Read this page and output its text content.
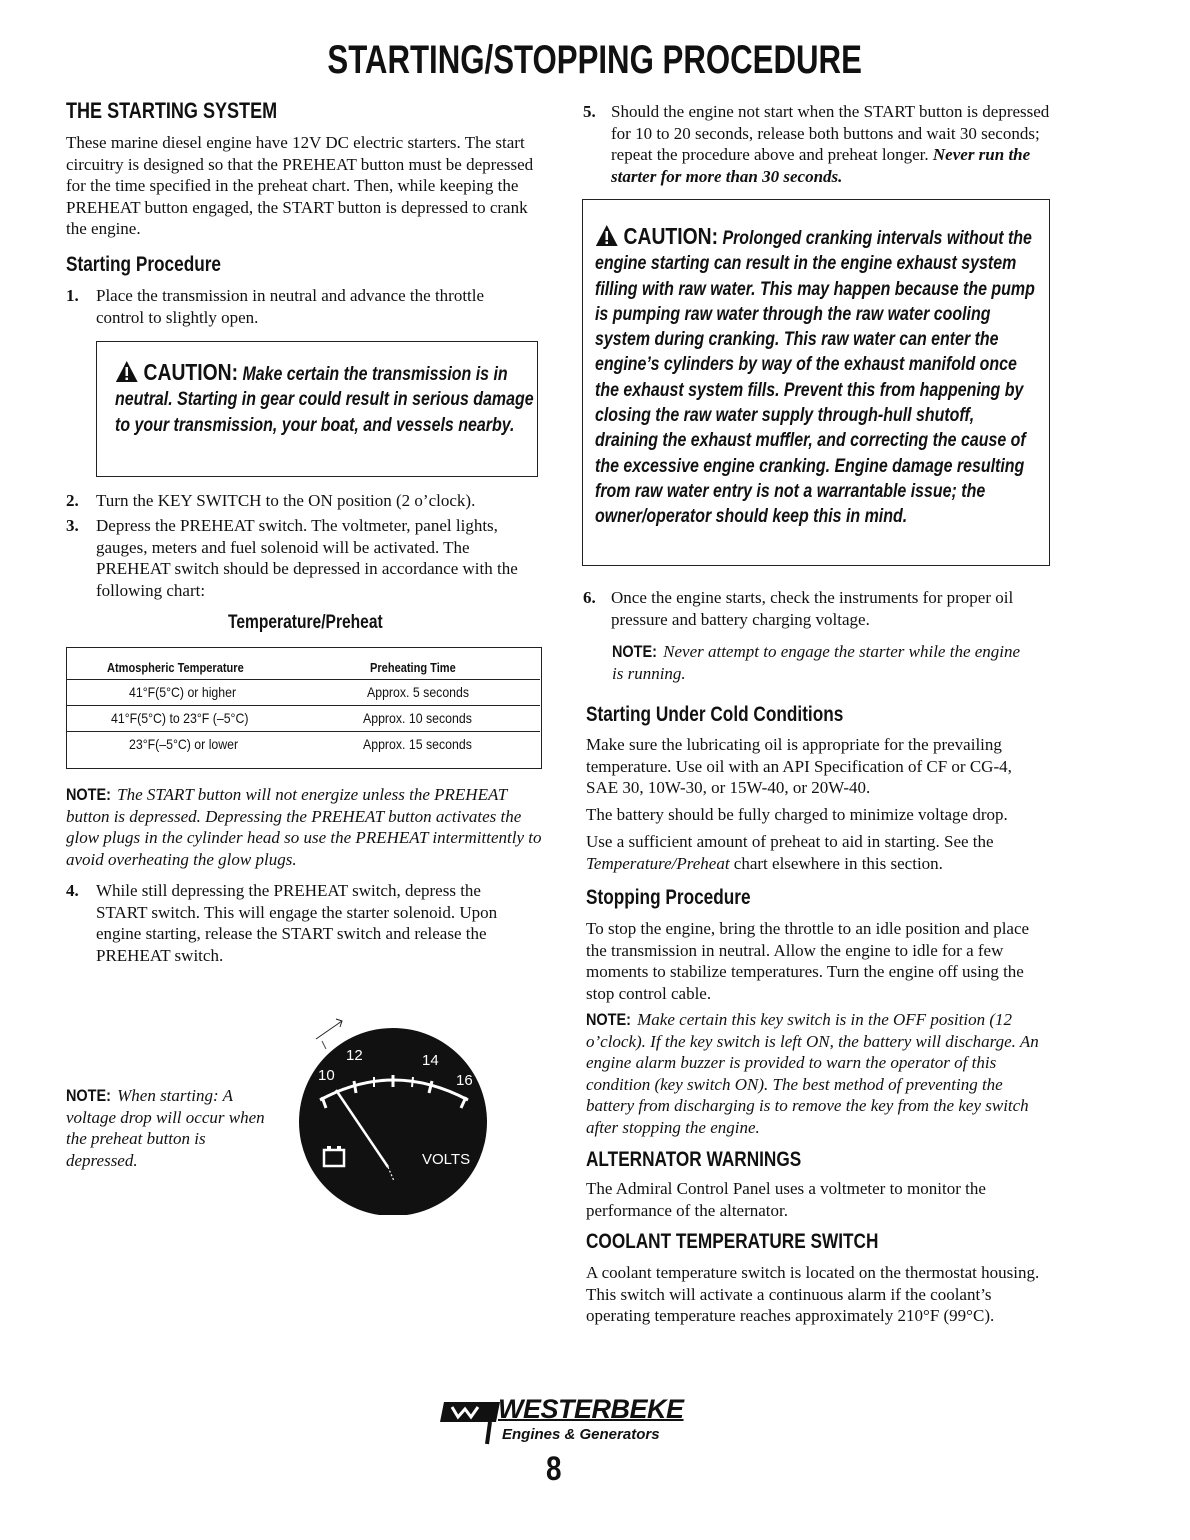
STARTING/STOPPING PROCEDURE
THE STARTING SYSTEM
These marine diesel engine have 12V DC electric starters. The start circuitry is designed so that the PREHEAT button must be depressed for the time specified in the preheat chart. Then, while keeping the PREHEAT button engaged, the START button is depressed to crank the engine.
Starting Procedure
1. Place the transmission in neutral and advance the throttle control to slightly open.
CAUTION: Make certain the transmission is in neutral. Starting in gear could result in serious damage to your transmission, your boat, and vessels nearby.
2. Turn the KEY SWITCH to the ON position (2 o’clock).
3. Depress the PREHEAT switch. The voltmeter, panel lights, gauges, meters and fuel solenoid will be activated. The PREHEAT switch should be depressed in accordance with the following chart:
Temperature/Preheat
Atmospheric Temperature	Preheating Time
41°F(5°C) or higher	Approx. 5 seconds
41°F(5°C) to 23°F (–5°C)	Approx. 10 seconds
23°F(–5°C) or lower	Approx. 15 seconds
NOTE: The START button will not energize unless the PREHEAT button is depressed. Depressing the PREHEAT button activates the glow plugs in the cylinder head so use the PREHEAT intermittently to avoid overheating the glow plugs.
4. While still depressing the PREHEAT switch, depress the START switch. This will engage the starter solenoid. Upon engine starting, release the START switch and release the PREHEAT switch.
NOTE: When starting: A voltage drop will occur when the preheat button is depressed.
12	14
10	16
VOLTS
5. Should the engine not start when the START button is depressed for 10 to 20 seconds, release both buttons and wait 30 seconds; repeat the procedure above and preheat longer. Never run the starter for more than 30 seconds.
CAUTION: Prolonged cranking intervals without the engine starting can result in the engine exhaust system filling with raw water. This may happen because the pump is pumping raw water through the raw water cooling system during cranking. This raw water can enter the engine’s cylinders by way of the exhaust manifold once the exhaust system fills. Prevent this from happening by closing the raw water supply through-hull shutoff, draining the exhaust muffler, and correcting the cause of the excessive engine cranking. Engine damage resulting from raw water entry is not a warrantable issue; the owner/operator should keep this in mind.
6. Once the engine starts, check the instruments for proper oil pressure and battery charging voltage.
NOTE: Never attempt to engage the starter while the engine is running.
Starting Under Cold Conditions
Make sure the lubricating oil is appropriate for the prevailing temperature. Use oil with an API Specification of CF or CG-4, SAE 30, 10W-30, or 15W-40, or 20W-40.
The battery should be fully charged to minimize voltage drop.
Use a sufficient amount of preheat to aid in starting. See the Temperature/Preheat chart elsewhere in this section.
Stopping Procedure
To stop the engine, bring the throttle to an idle position and place the transmission in neutral. Allow the engine to idle for a few moments to stabilize temperatures. Turn the engine off using the stop control cable.
NOTE: Make certain this key switch is in the OFF position (12 o’clock). If the key switch is left ON, the battery will discharge. An engine alarm buzzer is provided to warn the operator of this condition (key switch ON). The best method of preventing the battery from discharging is to remove the key from the key switch after stopping the engine.
ALTERNATOR WARNINGS
The Admiral Control Panel uses a voltmeter to monitor the performance of the alternator.
COOLANT TEMPERATURE SWITCH
A coolant temperature switch is located on the thermostat housing. This switch will activate a continuous alarm if the coolant’s operating temperature reaches approximately 210°F (99°C).
WESTERBEKE
Engines & Generators
8
